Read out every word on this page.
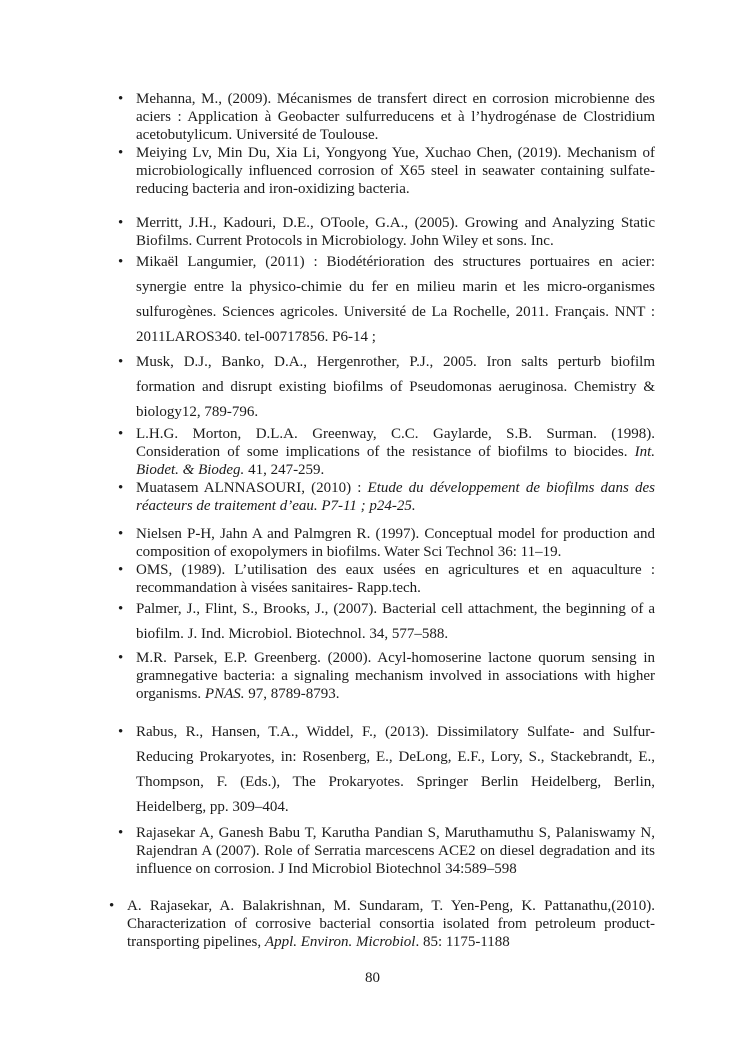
• Mehanna, M., (2009). Mécanismes de transfert direct en corrosion microbienne des aciers : Application à Geobacter sulfurreducens et à l’hydrogénase de Clostridium acetobutylicum. Université de Toulouse.
• Meiying Lv, Min Du, Xia Li, Yongyong Yue, Xuchao Chen, (2019). Mechanism of microbiologically influenced corrosion of X65 steel in seawater containing sulfate-reducing bacteria and iron-oxidizing bacteria.
• Merritt, J.H., Kadouri, D.E., OToole, G.A., (2005). Growing and Analyzing Static Biofilms. Current Protocols in Microbiology. John Wiley et sons. Inc.
• Mikaël Langumier, (2011) : Biodétérioration des structures portuaires en acier: synergie entre la physico-chimie du fer en milieu marin et les micro-organismes sulfurogènes. Sciences agricoles. Université de La Rochelle, 2011. Français. NNT : 2011LAROS340. tel-00717856. P6-14 ;
• Musk, D.J., Banko, D.A., Hergenrother, P.J., 2005. Iron salts perturb biofilm formation and disrupt existing biofilms of Pseudomonas aeruginosa. Chemistry & biology12, 789-796.
• L.H.G. Morton, D.L.A. Greenway, C.C. Gaylarde, S.B. Surman. (1998). Consideration of some implications of the resistance of biofilms to biocides. Int. Biodet. & Biodeg. 41, 247-259.
• Muatasem ALNNASOURI, (2010) : Etude du développement de biofilms dans des réacteurs de traitement d’eau. P7-11 ; p24-25.
• Nielsen P-H, Jahn A and Palmgren R. (1997). Conceptual model for production and composition of exopolymers in biofilms. Water Sci Technol 36: 11–19.
• OMS, (1989). L’utilisation des eaux usées en agricultures et en aquaculture : recommandation à visées sanitaires- Rapp.tech.
• Palmer, J., Flint, S., Brooks, J., (2007). Bacterial cell attachment, the beginning of a biofilm. J. Ind. Microbiol. Biotechnol. 34, 577–588.
• M.R. Parsek, E.P. Greenberg. (2000). Acyl-homoserine lactone quorum sensing in gramnegative bacteria: a signaling mechanism involved in associations with higher organisms. PNAS. 97, 8789-8793.
• Rabus, R., Hansen, T.A., Widdel, F., (2013). Dissimilatory Sulfate- and Sulfur-Reducing Prokaryotes, in: Rosenberg, E., DeLong, E.F., Lory, S., Stackebrandt, E., Thompson, F. (Eds.), The Prokaryotes. Springer Berlin Heidelberg, Berlin, Heidelberg, pp. 309–404.
• Rajasekar A, Ganesh Babu T, Karutha Pandian S, Maruthamuthu S, Palaniswamy N, Rajendran A (2007). Role of Serratia marcescens ACE2 on diesel degradation and its influence on corrosion. J Ind Microbiol Biotechnol 34:589–598
• A. Rajasekar, A. Balakrishnan, M. Sundaram, T. Yen-Peng, K. Pattanathu,(2010). Characterization of corrosive bacterial consortia isolated from petroleum product-transporting pipelines, Appl. Environ. Microbiol. 85: 1175-1188
80
